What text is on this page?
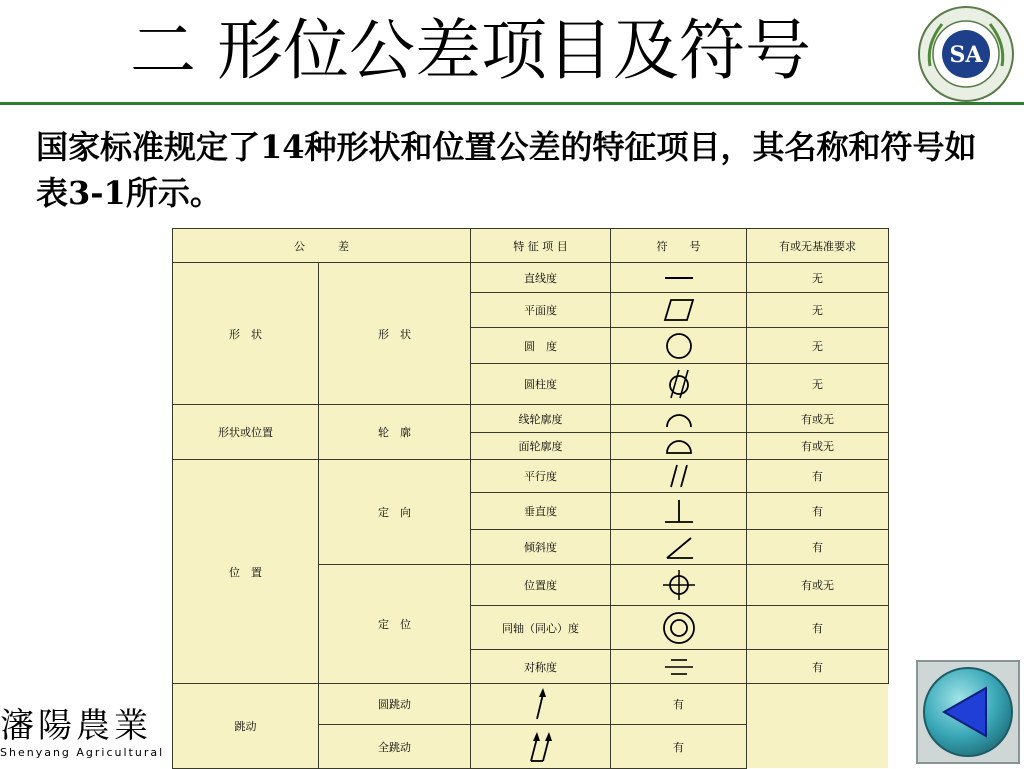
二 形位公差项目及符号	SA
国家标准规定了14种形状和位置公差的特征项目，其名称和符号如表3-1所示。
公　　　差		特 征 项 目	符　　号	有或无基准要求
形　状	形　状	直线度		无
		平面度		无
		圆　度		无
		圆柱度		无
形状或位置	轮　廓	线轮廓度		有或无
		面轮廓度		有或无
位　置	定　向	平行度		有
		垂直度		有
		倾斜度		有
	定　位	位置度		有或无
		同轴（同心）度		有
		对称度		有
跳动	圆跳动		有	
	全跳动		有	
瀋陽農業
Shenyang Agricultural
